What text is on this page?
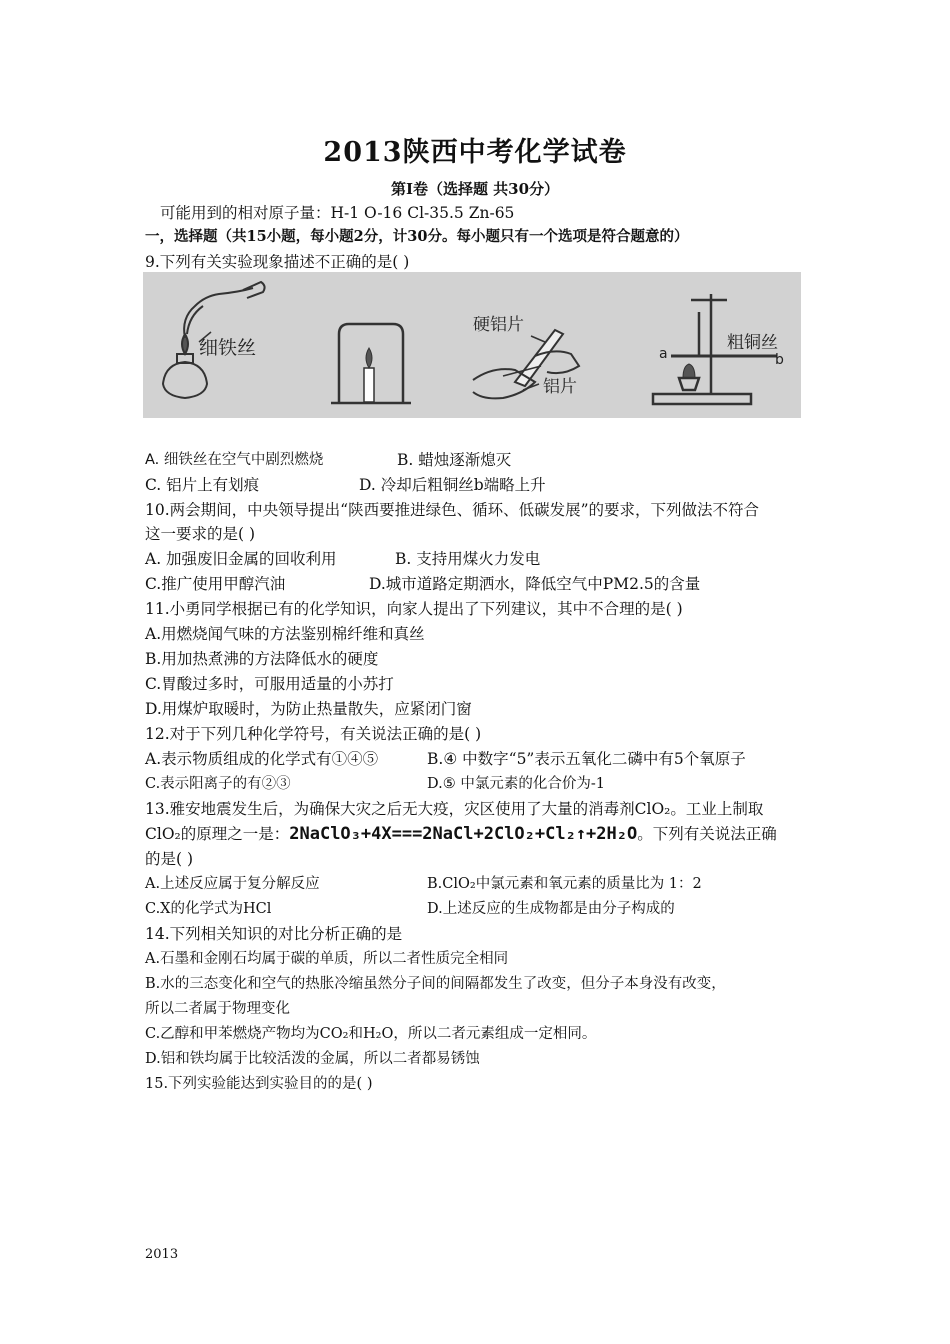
2013陕西中考化学试卷
第Ⅰ卷（选择题 共30分）
可能用到的相对原子量：H-1 O-16 Cl-35.5 Zn-65
一，选择题（共15小题，每小题2分，计30分。每小题只有一个选项是符合题意的）
9.下列有关实验现象描述不正确的是( )
细铁丝
硬铝片
铝片
粗铜丝
a	b
A. 细铁丝在空气中剧烈燃烧	B. 蜡烛逐渐熄灭
C. 铝片上有划痕	D. 冷却后粗铜丝b端略上升
10.两会期间，中央领导提出“陕西要推进绿色、循环、低碳发展”的要求，下列做法不符合
这一要求的是( )
A. 加强废旧金属的回收利用	B. 支持用煤火力发电
C.推广使用甲醇汽油	D.城市道路定期洒水，降低空气中PM2.5的含量
11.小勇同学根据已有的化学知识，向家人提出了下列建议，其中不合理的是( )
A.用燃烧闻气味的方法鉴别棉纤维和真丝
B.用加热煮沸的方法降低水的硬度
C.胃酸过多时，可服用适量的小苏打
D.用煤炉取暖时，为防止热量散失，应紧闭门窗
12.对于下列几种化学符号，有关说法正确的是( )
A.表示物质组成的化学式有①④⑤	B.④ 中数字“5”表示五氧化二磷中有5个氧原子
C.表示阳离子的有②③	D.⑤ 中氯元素的化合价为-1
13.雅安地震发生后，为确保大灾之后无大疫，灾区使用了大量的消毒剂ClO₂。工业上制取
ClO₂的原理之一是：2NaClO₃+4X===2NaCl+2ClO₂+Cl₂↑+2H₂O。下列有关说法正确
的是( )
A.上述反应属于复分解反应	B.ClO₂中氯元素和氧元素的质量比为 1：2
C.X的化学式为HCl	D.上述反应的生成物都是由分子构成的
14.下列相关知识的对比分析正确的是
A.石墨和金刚石均属于碳的单质，所以二者性质完全相同
B.水的三态变化和空气的热胀冷缩虽然分子间的间隔都发生了改变，但分子本身没有改变，
所以二者属于物理变化
C.乙醇和甲苯燃烧产物均为CO₂和H₂O，所以二者元素组成一定相同。
D.铝和铁均属于比较活泼的金属，所以二者都易锈蚀
15.下列实验能达到实验目的的是( )
2013
